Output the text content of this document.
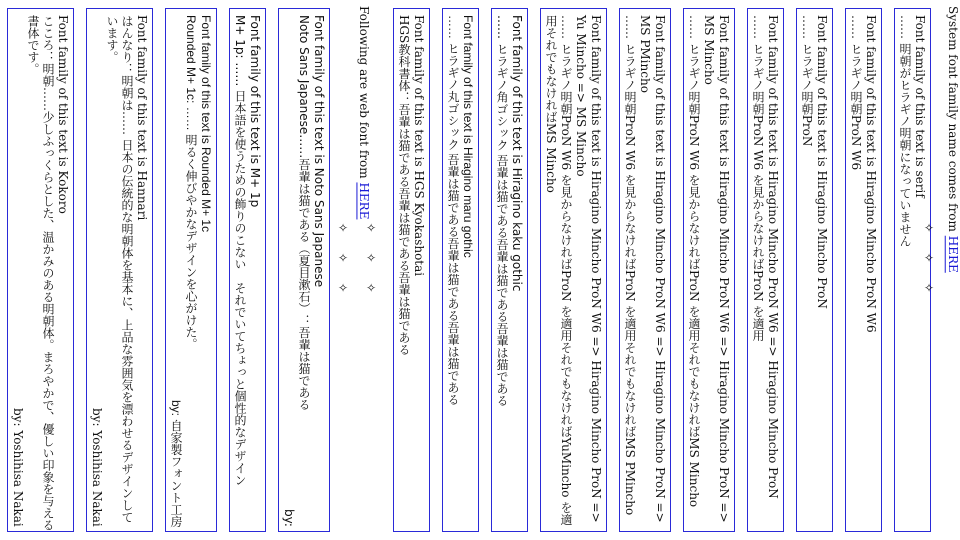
System font family name comes from HERE
Font family of this text is serif
…… 明朝がヒラギノ明朝になっていません
Font family of this text is Hiragino Mincho ProN W6
…… ヒラギノ明朝ProN W6
Font family of this text is Hiragino Mincho ProN
…… ヒラギノ明朝ProN
Font family of this text is Hiragino Mincho ProN W6 => Hiragino Mincho ProN
…… ヒラギノ明朝ProN W6 を見からなければProN を適用
Font family of this text is Hiragino Mincho ProN W6 => Hiragino Mincho ProN => MS Mincho
…… ヒラギノ明朝ProN W6 を見からなければProN を適用それでもなければMS Mincho
Font family of this text is Hiragino Mincho ProN W6 => Hiragino Mincho ProN => MS PMincho
…… ヒラギノ明朝ProN W6 を見からなければProN を適用それでもなければMS PMincho
Font family of this text is Hiragino Mincho ProN W6 => Hiragino Mincho ProN => Yu Mincho => MS Mincho
…… ヒラギノ明朝ProN W6 を見からなければProN を適用それでもなければYuMincho を適用それでもなければMS Mincho
Font family of this text is Hiragino kaku gothic
…… ヒラギノ角ゴシック 吾輩は猫である吾輩は猫である吾輩は猫である
Font family of this text is Hiragino maru gothic
…… ヒラギノ丸ゴシック 吾輩は猫である吾輩は猫である吾輩は猫である
Font family of this text is HGS Kyokashotai
HGS教科書体：吾輩は猫である吾輩は猫である吾輩は猫である
Following are web font from HERE
Font family of this text is Noto Sans Japanese
Noto Sans Japanese……吾輩は猫である（夏目漱石）：吾輩は猫である
by:
Font family of this text is M+ 1p
M+ 1p: …… 日本語を使うための飾りのこない　それでいてちょっと個性的なデザイン
Font family of this text is Rounded M+ 1c
Rounded M+ 1c: …… 明るく伸びやかなデザインを心がけた。
by: 自家製フォント工房
Font family of this text is Hannari
はんなり：明朝は…… 日本の伝統的な明朝体を基本に、上品な雰囲気を漂わせるデザインしています。
by: Yoshihisa Nakai
Font family of this text is Kokoro
こころ：明朝……少しふっくらとした、温かみのある明朝体。まろやかで、優しい印象を与える書体です。
by: Yoshihisa Nakai
✧
✧
✧
✧ ✧
✧ ✧
✧ ✧
